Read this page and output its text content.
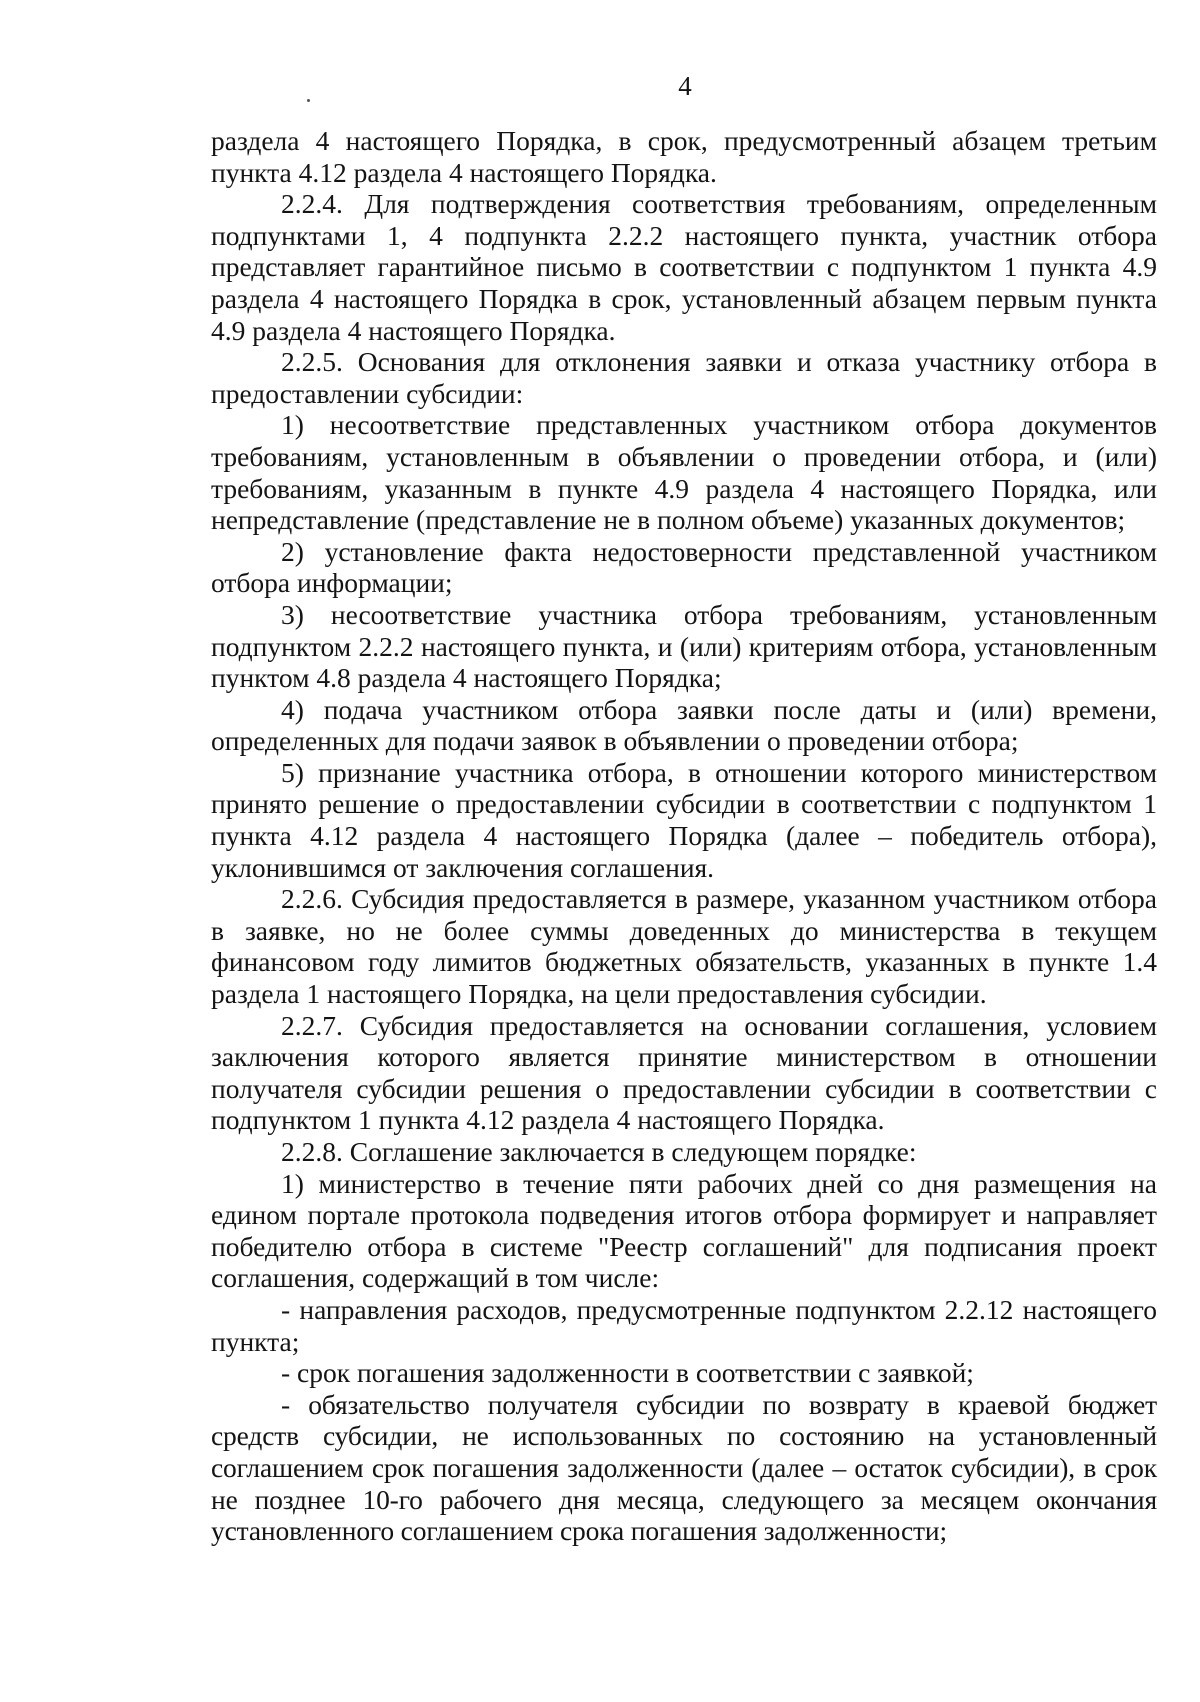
4

раздела 4 настоящего Порядка, в срок, предусмотренный абзацем третьим пункта 4.12 раздела 4 настоящего Порядка.

2.2.4. Для подтверждения соответствия требованиям, определенным подпунктами 1, 4 подпункта 2.2.2 настоящего пункта, участник отбора представляет гарантийное письмо в соответствии с подпунктом 1 пункта 4.9 раздела 4 настоящего Порядка в срок, установленный абзацем первым пункта 4.9 раздела 4 настоящего Порядка.

2.2.5. Основания для отклонения заявки и отказа участнику отбора в предоставлении субсидии:

1) несоответствие представленных участником отбора документов требованиям, установленным в объявлении о проведении отбора, и (или) требованиям, указанным в пункте 4.9 раздела 4 настоящего Порядка, или непредставление (представление не в полном объеме) указанных документов;

2) установление факта недостоверности представленной участником отбора информации;

3) несоответствие участника отбора требованиям, установленным подпунктом 2.2.2 настоящего пункта, и (или) критериям отбора, установленным пунктом 4.8 раздела 4 настоящего Порядка;

4) подача участником отбора заявки после даты и (или) времени, определенных для подачи заявок в объявлении о проведении отбора;

5) признание участника отбора, в отношении которого министерством принято решение о предоставлении субсидии в соответствии с подпунктом 1 пункта 4.12 раздела 4 настоящего Порядка (далее – победитель отбора), уклонившимся от заключения соглашения.

2.2.6. Субсидия предоставляется в размере, указанном участником отбора в заявке, но не более суммы доведенных до министерства в текущем финансовом году лимитов бюджетных обязательств, указанных в пункте 1.4 раздела 1 настоящего Порядка, на цели предоставления субсидии.

2.2.7. Субсидия предоставляется на основании соглашения, условием заключения которого является принятие министерством в отношении получателя субсидии решения о предоставлении субсидии в соответствии с подпунктом 1 пункта 4.12 раздела 4 настоящего Порядка.

2.2.8. Соглашение заключается в следующем порядке:

1) министерство в течение пяти рабочих дней со дня размещения на едином портале протокола подведения итогов отбора формирует и направляет победителю отбора в системе "Реестр соглашений" для подписания проект соглашения, содержащий в том числе:

- направления расходов, предусмотренные подпунктом 2.2.12 настоящего пункта;

- срок погашения задолженности в соответствии с заявкой;

- обязательство получателя субсидии по возврату в краевой бюджет средств субсидии, не использованных по состоянию на установленный соглашением срок погашения задолженности (далее – остаток субсидии), в срок не позднее 10-го рабочего дня месяца, следующего за месяцем окончания установленного соглашением срока погашения задолженности;
